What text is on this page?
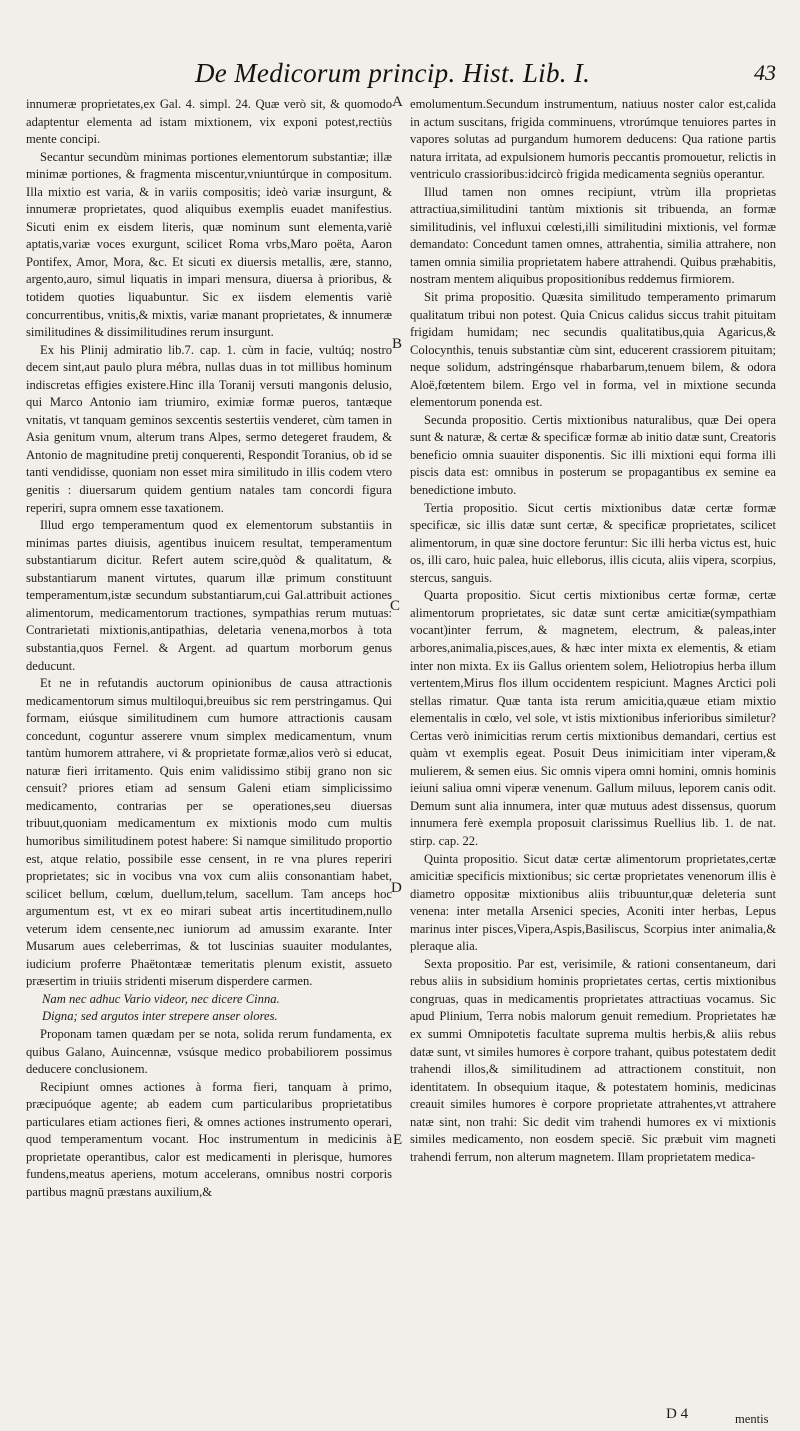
De Medicorum princip. Hist. Lib. I.	43

innumeræ proprietates,ex Gal. 4. simpl. 24. Quæ verò sit, & quomodo adaptentur elementa ad istam mixtionem, vix exponi potest,rectiùs mente concipi.

Secantur secundùm minimas portiones elementorum substantiæ; illæ minimæ portiones, & fragmenta miscentur,vniuntúrque in compositum. Illa mixtio est varia, & in variis compositis; ideò variæ insurgunt, & innumeræ proprietates, quod aliquibus exemplis euadet manifestius. Sicuti enim ex eisdem literis, quæ nominum sunt elementa,variè aptatis,variæ voces exurgunt, scilicet Roma vrbs,Maro poëta, Aaron Pontifex, Amor, Mora, &c. Et sicuti ex diuersis metallis, ære, stanno, argento,auro, simul liquatis in impari mensura, diuersa à prioribus, & totidem quoties liquabuntur. Sic ex iisdem elementis variè concurrentibus, vnitis,& mixtis, variæ manant proprietates, & innumeræ similitudines & dissimilitudines rerum insurgunt.

Ex his Plinij admiratio lib.7. cap. 1. cùm in facie, vultúq; nostro decem sint,aut paulo plura mébra, nullas duas in tot millibus hominum indiscretas effigies existere.Hinc illa Toranij versuti mangonis delusio, qui Marco Antonio iam triumiro, eximiæ formæ pueros, tantæque vnitatis, vt tanquam geminos sexcentis sestertiis venderet, cùm tamen in Asia genitum vnum, alterum trans Alpes, sermo detegeret fraudem, & Antonio de magnitudine pretij conquerenti, Respondit Toranius, ob id se tanti vendidisse, quoniam non esset mira similitudo in illis codem vtero genitis : diuersarum quidem gentium natales tam concordi figura reperiri, supra omnem esse taxationem.

Illud ergo temperamentum quod ex elementorum substantiis in minimas partes diuisis, agentibus inuicem resultat, temperamentum substantiarum dicitur. Refert autem scire,quòd & qualitatum, & substantiarum manent virtutes, quarum illæ primum constituunt temperamentum,istæ secundum substantiarum,cui Gal.attribuit actiones alimentorum, medicamentorum tractiones, sympathias rerum mutuas: Contrarietati mixtionis,antipathias, deletaria venena,morbos à tota substantia,quos Fernel. & Argent. ad quartum morborum genus deducunt.

Et ne in refutandis auctorum opinionibus de causa attractionis medicamentorum simus multiloqui,breuibus sic rem perstringamus. Qui formam, eiúsque similitudinem cum humore attractionis causam concedunt, coguntur asserere vnum simplex medicamentum, vnum tantùm humorem attrahere, vi & proprietate formæ,alios verò si educat, naturæ fieri irritamento. Quis enim validissimo stibij grano non sic censuit? priores etiam ad sensum Galeni etiam simplicissimo medicamento, contrarias per se operationes,seu diuersas tribuut,quoniam medicamentum ex mixtionis modo cum multis humoribus similitudinem potest habere: Si namque similitudo proportio est, atque relatio, possibile esse censent, in re vna plures reperiri proprietates; sic in vocibus vna vox cum aliis consonantiam habet, scilicet bellum, cœlum, duellum,telum, sacellum. Tam anceps hoc argumentum est, vt ex eo mirari subeat artis incertitudinem,nullo veterum idem censente,nec iuniorum ad amussim exarante. Inter Musarum aues celeberrimas, & tot luscinias suauiter modulantes, iudicium proferre Phaëtontææ temeritatis plenum existit, assueto præsertim in triuiis stridenti miserum disperdere carmen.

Nam nec adhuc Vario videor, nec dicere Cinna.

Digna; sed argutos inter strepere anser olores.

Proponam tamen quædam per se nota, solida rerum fundamenta, ex quibus Galano, Auincennæ, vsúsque medico probabiliorem possimus deducere conclusionem.

Recipiunt omnes actiones à forma fieri, tanquam à primo, præcipuóque agente; ab eadem cum particularibus proprietatibus particulares etiam actiones fieri, & omnes actiones instrumento operari, quod temperamentum vocant. Hoc instrumentum in medicinis à proprietate operantibus, calor est medicamenti in plerisque, humores fundens,meatus aperiens, motum accelerans, omnibus nostri corporis partibus magnū præstans auxilium,&

emolumentum.Secundum instrumentum, natiuus noster calor est,calida in actum suscitans, frigida comminuens, vtrorúmque tenuiores partes in vapores solutas ad purgandum humorem deducens: Qua ratione partis natura irritata, ad expulsionem humoris peccantis promouetur, relictis in ventriculo crassioribus:idcircò frigida medicamenta segniùs operantur.

Illud tamen non omnes recipiunt, vtrùm illa proprietas attractiua,similitudini tantùm mixtionis sit tribuenda, an formæ similitudinis, vel influxui cœlesti,illi similitudini mixtionis, vel formæ demandato: Concedunt tamen omnes, attrahentia, similia attrahere, non tamen omnia similia proprietatem habere attrahendi. Quibus præhabitis, nostram mentem aliquibus propositionibus reddemus firmiorem.

Sit prima propositio. Quæsita similitudo temperamento primarum qualitatum tribui non potest. Quia Cnicus calidus siccus trahit pituitam frigidam humidam; nec secundis qualitatibus,quia Agaricus,& Colocynthis, tenuis substantiæ cùm sint, educerent crassiorem pituitam; neque solidum, adstringénsque rhabarbarum,tenuem bilem, & odora Aloë,fœtentem bilem. Ergo vel in forma, vel in mixtione secunda elementorum ponenda est.

Secunda propositio. Certis mixtionibus naturalibus, quæ Dei opera sunt & naturæ, & certæ & specificæ formæ ab initio datæ sunt, Creatoris beneficio omnia suauiter disponentis. Sic illi mixtioni equi forma illi piscis data est: omnibus in posterum se propagantibus ex semine ea benedictione imbuto.

Tertia propositio. Sicut certis mixtionibus datæ certæ formæ specificæ, sic illis datæ sunt certæ, & specificæ proprietates, scilicet alimentorum, in quæ sine doctore feruntur: Sic illi herba victus est, huic os, illi caro, huic palea, huic elleborus, illis cicuta, aliis vipera, scorpius, stercus, sanguis.

Quarta propositio. Sicut certis mixtionibus certæ formæ, certæ alimentorum proprietates, sic datæ sunt certæ amicitiæ(sympathiam vocant)inter ferrum, & magnetem, electrum, & paleas,inter arbores,animalia,pisces,aues, & hæc inter mixta ex elementis, & etiam inter non mixta. Ex iis Gallus orientem solem, Heliotropius herba illum vertentem,Mirus flos illum occidentem respiciunt. Magnes Arctici poli stellas rimatur. Quæ tanta ista rerum amicitia,quæue etiam mixtio elementalis in cœlo, vel sole, vt istis mixtionibus inferioribus similetur? Certas verò inimicitias rerum certis mixtionibus demandari, certius est quàm vt exemplis egeat. Posuit Deus inimicitiam inter viperam,& mulierem, & semen eius. Sic omnis vipera omni homini, omnis hominis ieiuni saliua omni viperæ venenum. Gallum miluus, leporem canis odit. Demum sunt alia innumera, inter quæ mutuus adest dissensus, quorum innumera ferè exempla proposuit clarissimus Ruellius lib. 1. de nat. stirp. cap. 22.

Quinta propositio. Sicut datæ certæ alimentorum proprietates,certæ amicitiæ specificis mixtionibus; sic certæ proprietates venenorum illis è diametro oppositæ mixtionibus aliis tribuuntur,quæ deleteria sunt venena: inter metalla Arsenici species, Aconiti inter herbas, Lepus marinus inter pisces,Vipera,Aspis,Basiliscus, Scorpius inter animalia,& pleraque alia.

Sexta propositio. Par est, verisimile, & rationi consentaneum, dari rebus aliis in subsidium hominis proprietates certas, certis mixtionibus congruas, quas in medicamentis proprietates attractiuas vocamus. Sic apud Plinium, Terra nobis malorum genuit remedium. Proprietates hæ ex summi Omnipotetis facultate suprema multis herbis,& aliis rebus datæ sunt, vt similes humores è corpore trahant, quibus potestatem dedit trahendi illos,& similitudinem ad attractionem constituit, non identitatem. In obsequium itaque, & potestatem hominis, medicinas creauit similes humores è corpore proprietate attrahentes,vt attrahere natæ sint, non trahi: Sic dedit vim trahendi humores ex vi mixtionis similes medicamento, non eosdem speciē. Sic præbuit vim magneti trahendi ferrum, non alterum magnetem. Illam proprietatem medica-

A
B
C
D
E
D 4	mentis
